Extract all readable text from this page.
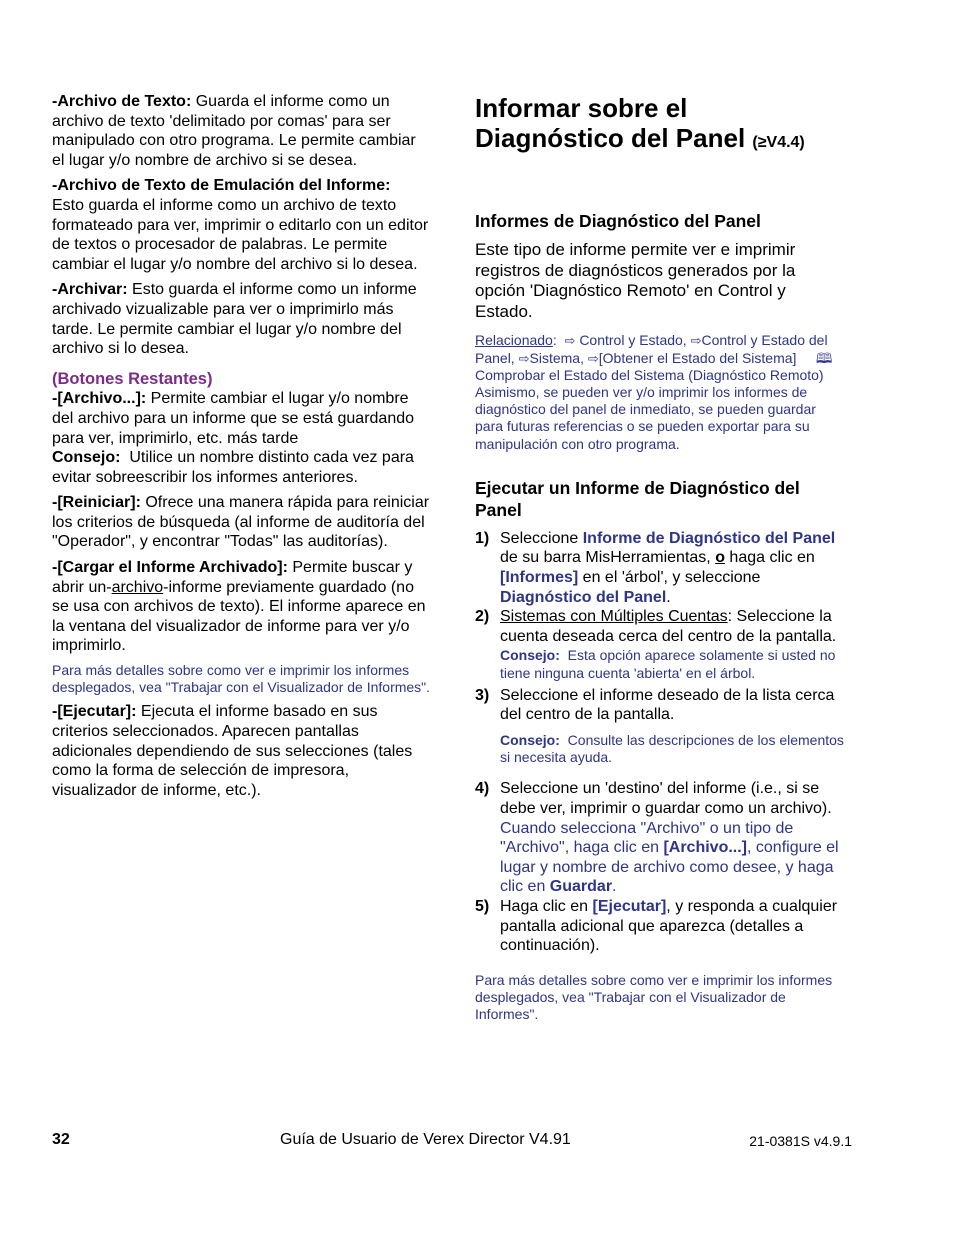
-Archivo de Texto: Guarda el informe como un archivo de texto 'delimitado por comas' para ser manipulado con otro programa. Le permite cambiar el lugar y/o nombre de archivo si se desea.

-Archivo de Texto de Emulación del Informe:
Esto guarda el informe como un archivo de texto formateado para ver, imprimir o editarlo con un editor de textos o procesador de palabras. Le permite cambiar el lugar y/o nombre del archivo si lo desea.

-Archivar: Esto guarda el informe como un informe archivado vizualizable para ver o imprimirlo más tarde. Le permite cambiar el lugar y/o nombre del archivo si lo desea.

(Botones Restantes)

-[Archivo...]: Permite cambiar el lugar y/o nombre del archivo para un informe que se está guardando para ver, imprimirlo, etc. más tarde
Consejo: Utilice un nombre distinto cada vez para evitar sobreescribir los informes anteriores.

-[Reiniciar]: Ofrece una manera rápida para reiniciar los criterios de búsqueda (al informe de auditoría del "Operador", y encontrar "Todas" las auditorías).

-[Cargar el Informe Archivado]: Permite buscar y abrir un-archivo-informe previamente guardado (no se usa con archivos de texto). El informe aparece en la ventana del visualizador de informe para ver y/o imprimirlo.

Para más detalles sobre como ver e imprimir los informes desplegados, vea "Trabajar con el Visualizador de Informes".

-[Ejecutar]: Ejecuta el informe basado en sus criterios seleccionados. Aparecen pantallas adicionales dependiendo de sus selecciones (tales como la forma de selección de impresora, visualizador de informe, etc.).

Informar sobre el
Diagnóstico del Panel (≥V4.4)

Informes de Diagnóstico del Panel

Este tipo de informe permite ver e imprimir registros de diagnósticos generados por la opción 'Diagnóstico Remoto' en Control y Estado.

Relacionado:  ⇨ Control y Estado, ⇨Control y Estado del Panel, ⇨Sistema, ⇨[Obtener el Estado del Sistema] 🕮  Comprobar el Estado del Sistema (Diagnóstico Remoto)

Asimismo, se pueden ver y/o imprimir los informes de diagnóstico del panel de inmediato, se pueden guardar para futuras referencias o se pueden exportar para su manipulación con otro programa.

Ejecutar un Informe de Diagnóstico del Panel

1) Seleccione Informe de Diagnóstico del Panel de su barra MisHerramientas, o haga clic en [Informes] en el 'árbol', y seleccione Diagnóstico del Panel.
2) Sistemas con Múltiples Cuentas: Seleccione la cuenta deseada cerca del centro de la pantalla.
Consejo: Esta opción aparece solamente si usted no tiene ninguna cuenta 'abierta' en el árbol.
3) Seleccione el informe deseado de la lista cerca del centro de la pantalla.
Consejo: Consulte las descripciones de los elementos si necesita ayuda.
4) Seleccione un 'destino' del informe (i.e., si se debe ver, imprimir o guardar como un archivo).
Cuando selecciona "Archivo" o un tipo de "Archivo", haga clic en [Archivo...], configure el lugar y nombre de archivo como desee, y haga clic en Guardar.
5) Haga clic en [Ejecutar], y responda a cualquier pantalla adicional que aparezca (detalles a continuación).

Para más detalles sobre como ver e imprimir los informes desplegados, vea "Trabajar con el Visualizador de Informes".

32	Guía de Usuario de Verex Director V4.91	21-0381S v4.9.1
